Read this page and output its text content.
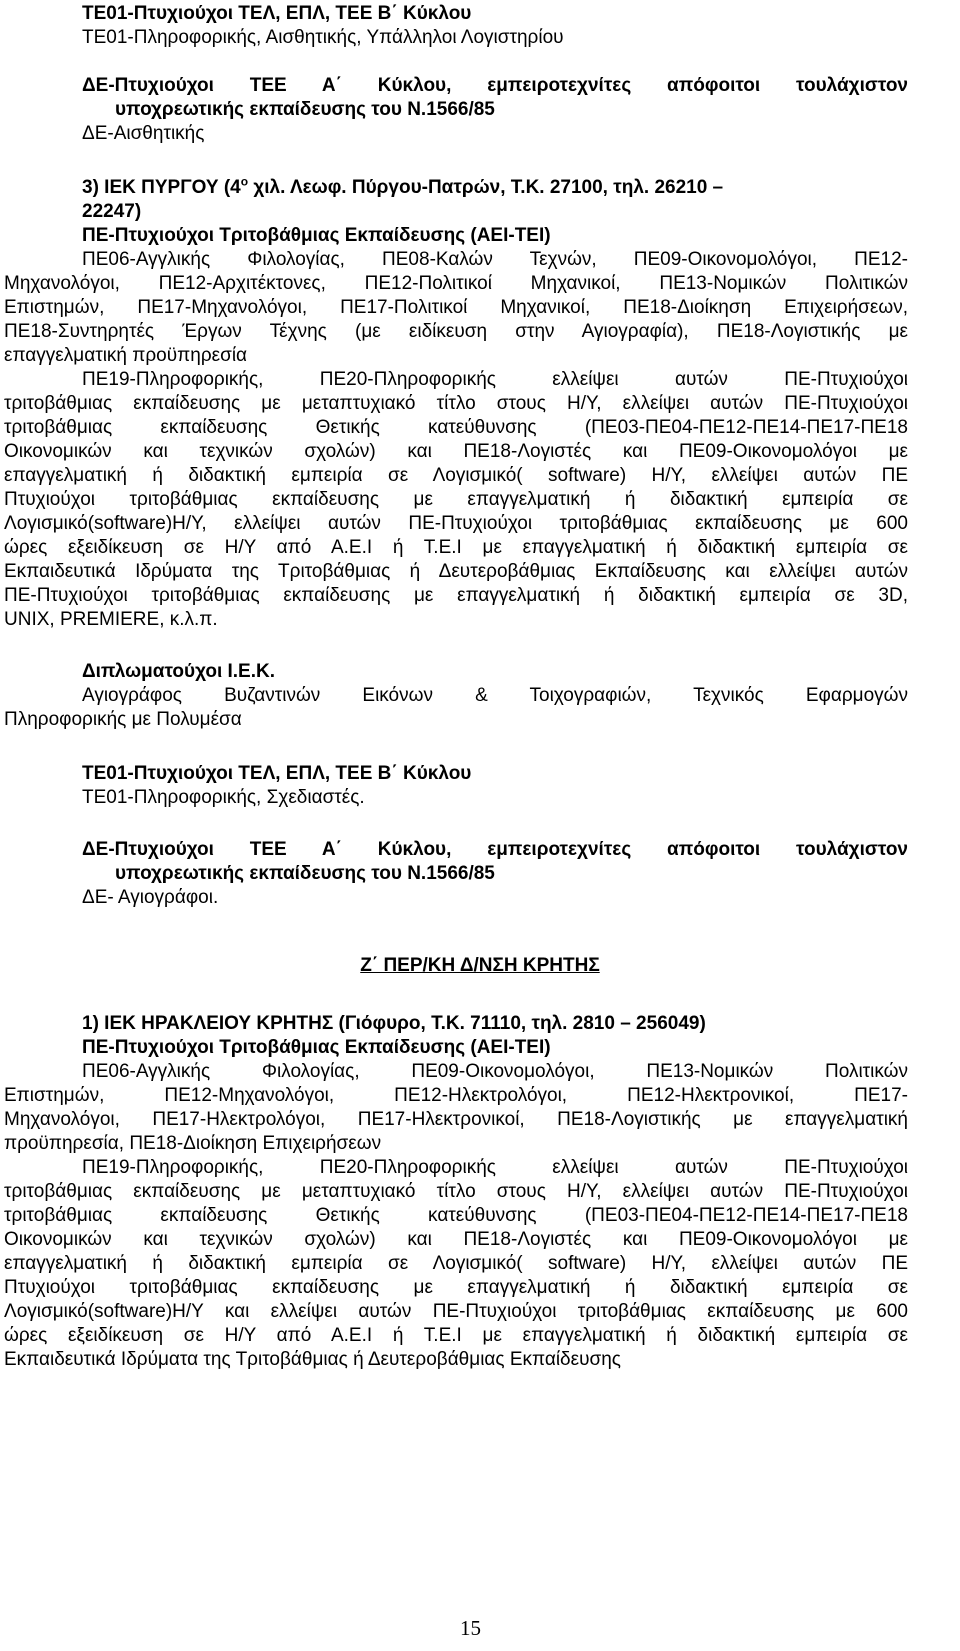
ΤΕ01-Πτυχιούχοι ΤΕΛ, ΕΠΛ, ΤΕΕ Β΄ Κύκλου
ΤΕ01-Πληροφορικής, Αισθητικής, Υπάλληλοι Λογιστηρίου
ΔΕ-Πτυχιούχοι ΤΕΕ Α΄ Κύκλου, εμπειροτεχνίτες απόφοιτοι τουλάχιστον
υποχρεωτικής εκπαίδευσης του Ν.1566/85
ΔΕ-Αισθητικής
3) ΙΕΚ ΠΥΡΓΟΥ ($4^o$ χιλ. Λεωφ. Πύργου-Πατρών, Τ.Κ. 27100, τηλ. 26210 –
22247)
ΠΕ-Πτυχιούχοι Τριτοβάθμιας Εκπαίδευσης (ΑΕΙ-ΤΕΙ)
ΠΕ06-Αγγλικής Φιλολογίας, ΠΕ08-Καλών Τεχνών, ΠΕ09-Οικονομολόγοι, ΠΕ12-
Μηχανολόγοι, ΠΕ12-Αρχιτέκτονες, ΠΕ12-Πολιτικοί Μηχανικοί, ΠΕ13-Νομικών Πολιτικών
Επιστημών, ΠΕ17-Μηχανολόγοι, ΠΕ17-Πολιτικοί Μηχανικοί, ΠΕ18-Διοίκηση Επιχειρήσεων,
ΠΕ18-Συντηρητές Έργων Τέχνης (με ειδίκευση στην Αγιογραφία), ΠΕ18-Λογιστικής με
επαγγελματική προϋπηρεσία
ΠΕ19-Πληροφορικής, ΠΕ20-Πληροφορικής ελλείψει αυτών ΠΕ-Πτυχιούχοι
τριτοβάθμιας εκπαίδευσης με μεταπτυχιακό τίτλο στους Η/Υ, ελλείψει αυτών ΠΕ-Πτυχιούχοι
τριτοβάθμιας εκπαίδευσης Θετικής κατεύθυνσης (ΠΕ03-ΠΕ04-ΠΕ12-ΠΕ14-ΠΕ17-ΠΕ18
Οικονομικών και τεχνικών σχολών) και ΠΕ18-Λογιστές και ΠΕ09-Οικονομολόγοι με
επαγγελματική ή διδακτική εμπειρία σε Λογισμικό( software) Η/Υ, ελλείψει αυτών ΠΕ
Πτυχιούχοι τριτοβάθμιας εκπαίδευσης με επαγγελματική ή διδακτική εμπειρία σε
Λογισμικό(software)Η/Υ, ελλείψει αυτών ΠΕ-Πτυχιούχοι τριτοβάθμιας εκπαίδευσης με 600
ώρες εξειδίκευση σε Η/Υ από Α.Ε.Ι ή Τ.Ε.Ι με επαγγελματική ή διδακτική εμπειρία σε
Εκπαιδευτικά Ιδρύματα της Τριτοβάθμιας ή Δευτεροβάθμιας Εκπαίδευσης και ελλείψει αυτών
ΠΕ-Πτυχιούχοι τριτοβάθμιας εκπαίδευσης με επαγγελματική ή διδακτική εμπειρία σε 3D,
UNIX, PREMIERE, κ.λ.π.
Διπλωματούχοι Ι.Ε.Κ.
Αγιογράφος Βυζαντινών Εικόνων & Τοιχογραφιών, Τεχνικός Εφαρμογών
Πληροφορικής με Πολυμέσα
ΤΕ01-Πτυχιούχοι ΤΕΛ, ΕΠΛ, ΤΕΕ Β΄ Κύκλου
ΤΕ01-Πληροφορικής, Σχεδιαστές.
ΔΕ-Πτυχιούχοι ΤΕΕ Α΄ Κύκλου, εμπειροτεχνίτες απόφοιτοι τουλάχιστον
υποχρεωτικής εκπαίδευσης του Ν.1566/85
ΔΕ- Αγιογράφοι.
Ζ΄ ΠΕΡ/ΚΗ Δ/ΝΣΗ ΚΡΗΤΗΣ
1) ΙΕΚ ΗΡΑΚΛΕΙΟΥ ΚΡΗΤΗΣ (Γιόφυρο, Τ.Κ. 71110, τηλ. 2810 – 256049)
ΠΕ-Πτυχιούχοι Τριτοβάθμιας Εκπαίδευσης (ΑΕΙ-ΤΕΙ)
ΠΕ06-Αγγλικής Φιλολογίας, ΠΕ09-Οικονομολόγοι, ΠΕ13-Νομικών Πολιτικών
Επιστημών, ΠΕ12-Μηχανολόγοι, ΠΕ12-Ηλεκτρολόγοι, ΠΕ12-Ηλεκτρονικοί, ΠΕ17-
Μηχανολόγοι, ΠΕ17-Ηλεκτρολόγοι, ΠΕ17-Ηλεκτρονικοί, ΠΕ18-Λογιστικής με επαγγελματική
προϋπηρεσία, ΠΕ18-Διοίκηση Επιχειρήσεων
ΠΕ19-Πληροφορικής, ΠΕ20-Πληροφορικής ελλείψει αυτών ΠΕ-Πτυχιούχοι
τριτοβάθμιας εκπαίδευσης με μεταπτυχιακό τίτλο στους Η/Υ, ελλείψει αυτών ΠΕ-Πτυχιούχοι
τριτοβάθμιας εκπαίδευσης Θετικής κατεύθυνσης (ΠΕ03-ΠΕ04-ΠΕ12-ΠΕ14-ΠΕ17-ΠΕ18
Οικονομικών και τεχνικών σχολών) και ΠΕ18-Λογιστές και ΠΕ09-Οικονομολόγοι με
επαγγελματική ή διδακτική εμπειρία σε Λογισμικό( software) Η/Υ, ελλείψει αυτών ΠΕ
Πτυχιούχοι τριτοβάθμιας εκπαίδευσης με επαγγελματική ή διδακτική εμπειρία σε
Λογισμικό(software)Η/Υ και ελλείψει αυτών ΠΕ-Πτυχιούχοι τριτοβάθμιας εκπαίδευσης με 600
ώρες εξειδίκευση σε Η/Υ από Α.Ε.Ι ή Τ.Ε.Ι με επαγγελματική ή διδακτική εμπειρία σε
Εκπαιδευτικά Ιδρύματα της Τριτοβάθμιας ή Δευτεροβάθμιας Εκπαίδευσης
15
